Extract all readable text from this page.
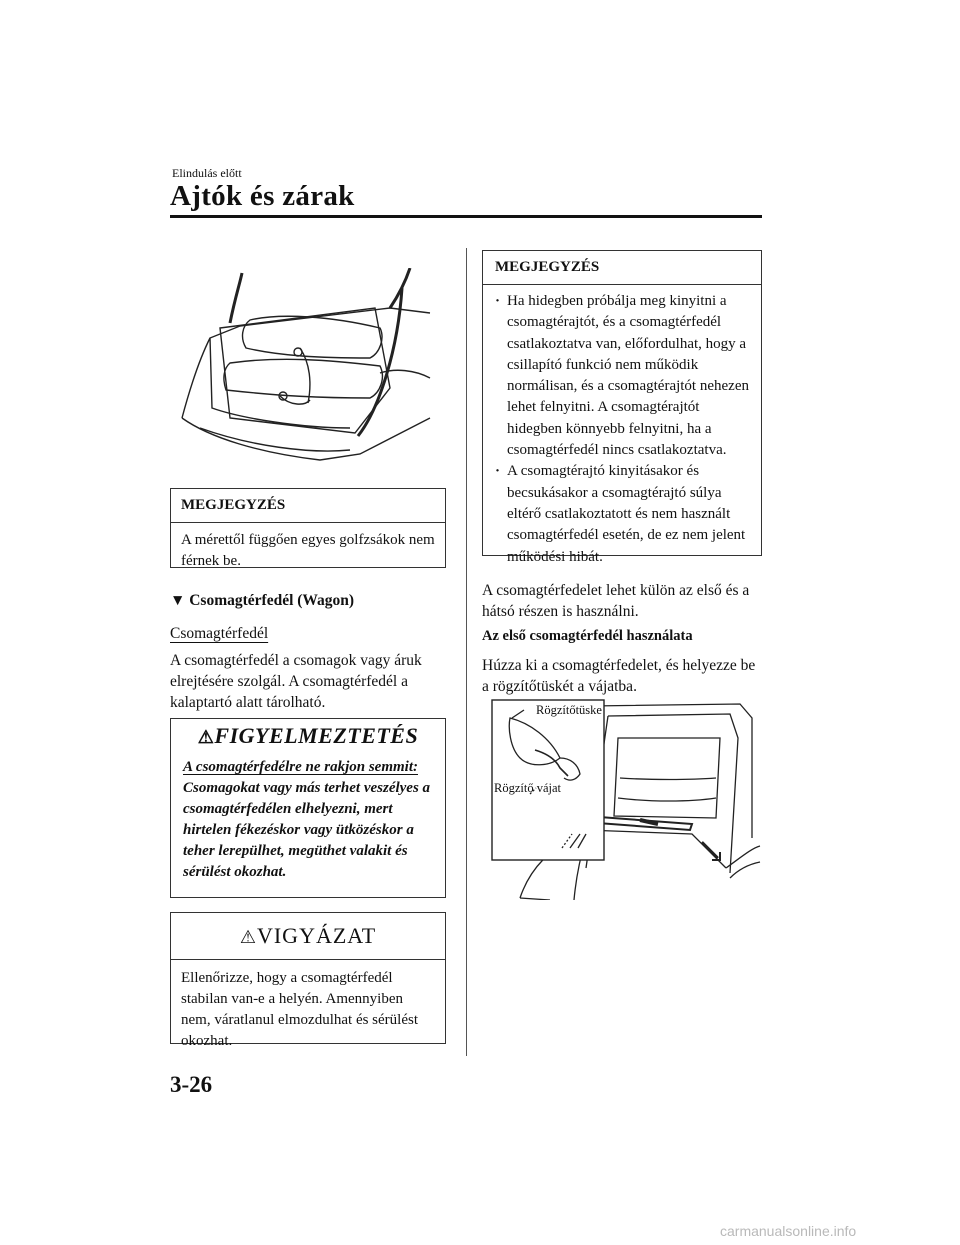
Elindulás előtt
Ajtók és zárak
MEGJEGYZÉS
A mérettől függően egyes golfzsákok nem férnek be.
▼ Csomagtérfedél (Wagon)
Csomagtérfedél
A csomagtérfedél a csomagok vagy áruk elrejtésére szolgál. A csomagtérfedél a kalaptartó alatt tárolható.
⚠FIGYELMEZTETÉS
A csomagtérfedélre ne rakjon semmit:
Csomagokat vagy más terhet veszélyes a csomagtérfedélen elhelyezni, mert hirtelen fékezéskor vagy ütközéskor a teher lerepülhet, megüthet valakit és sérülést okozhat.
⚠VIGYÁZAT
Ellenőrizze, hogy a csomagtérfedél stabilan van-e a helyén. Amennyiben nem, váratlanul elmozdulhat és sérülést okozhat.
MEGJEGYZÉS
· Ha hidegben próbálja meg kinyitni a csomagtérajtót, és a csomagtérfedél csatlakoztatva van, előfordulhat, hogy a csillapító funkció nem működik normálisan, és a csomagtérajtót nehezen lehet felnyitni. A csomagtérajtót hidegben könnyebb felnyitni, ha a csomagtérfedél nincs csatlakoztatva.
· A csomagtérajtó kinyitásakor és becsukásakor a csomagtérajtó súlya eltérő csatlakoztatott és nem használt csomagtérfedél esetén, de ez nem jelent működési hibát.
A csomagtérfedelet lehet külön az első és a hátsó részen is használni.
Az első csomagtérfedél használata
Húzza ki a csomagtérfedelet, és helyezze be a rögzítőtüskét a vájatba.
Rögzítőtüske
Rögzítő vájat
3-26
carmanualsonline.info
